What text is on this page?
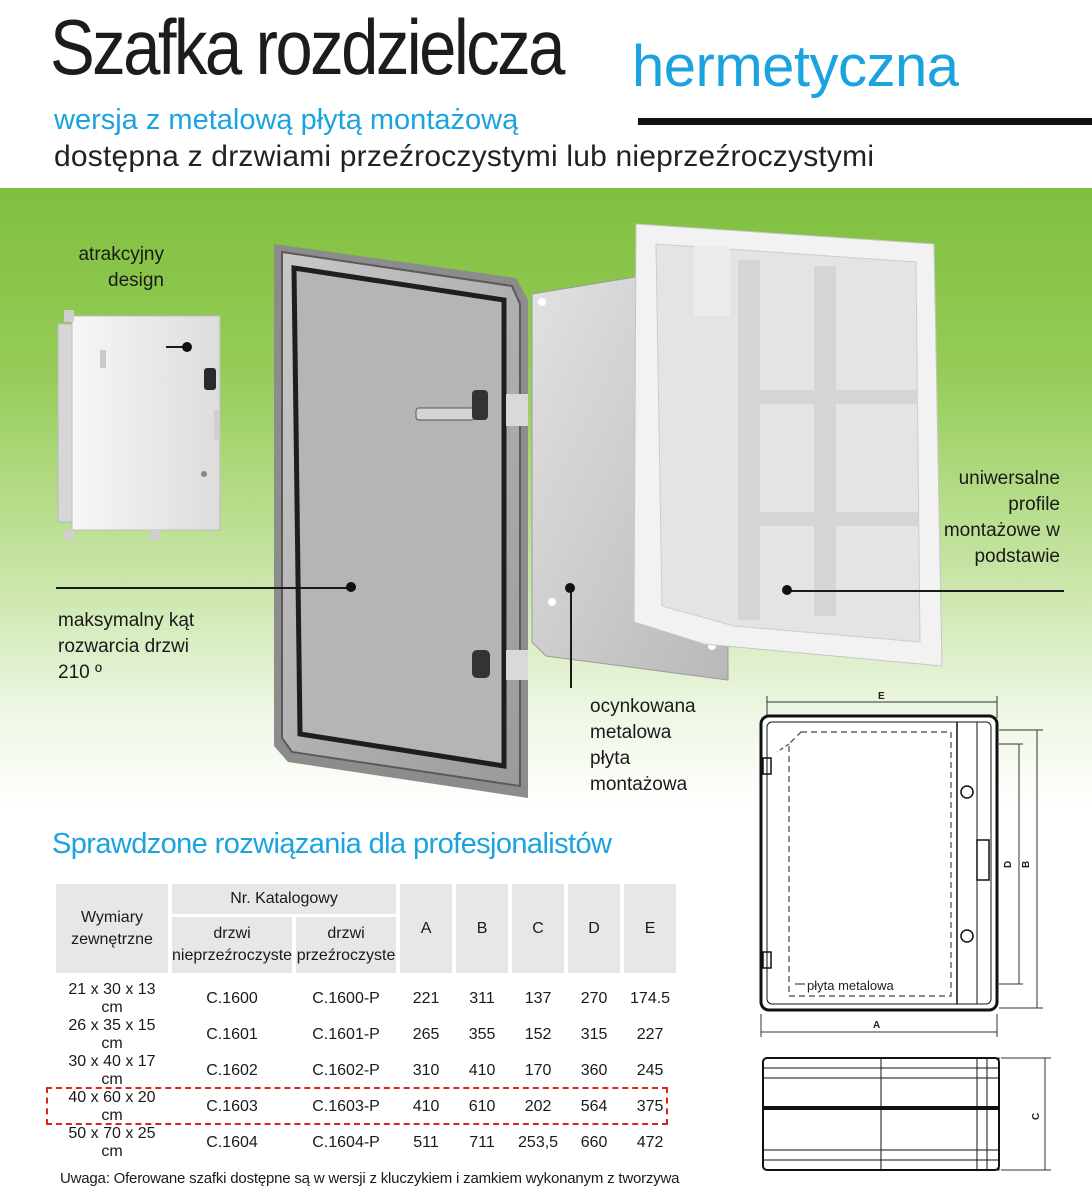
Szafka rozdzielcza hermetyczna
wersja z metalową płytą montażową
dostępna z drzwiami przeźroczystymi lub nieprzeźroczystymi
atrakcyjny design
uniwersalne profile montażowe w podstawie
maksymalny kąt rozwarcia drzwi 210 º
ocynkowana metalowa płyta montażowa
Sprawdzone rozwiązania dla profesjonalistów
Wymiary zewnętrzne	Nr. Katalogowy		A	B	C	D	E
	drzwi nieprzeźroczyste	drzwi przeźroczyste					
21 x 30 x 13 cm	C.1600	C.1600-P	221	311	137	270	174.5
26 x 35 x 15 cm	C.1601	C.1601-P	265	355	152	315	227
30 x 40 x 17 cm	C.1602	C.1602-P	310	410	170	360	245
40 x 60 x 20 cm	C.1603	C.1603-P	410	610	202	564	375
50 x 70 x 25 cm	C.1604	C.1604-P	511	711	253,5	660	472
E
płyta metalowa
D B
A
C
Uwaga: Oferowane szafki dostępne są w wersji z kluczykiem i zamkiem wykonanym z tworzywa
